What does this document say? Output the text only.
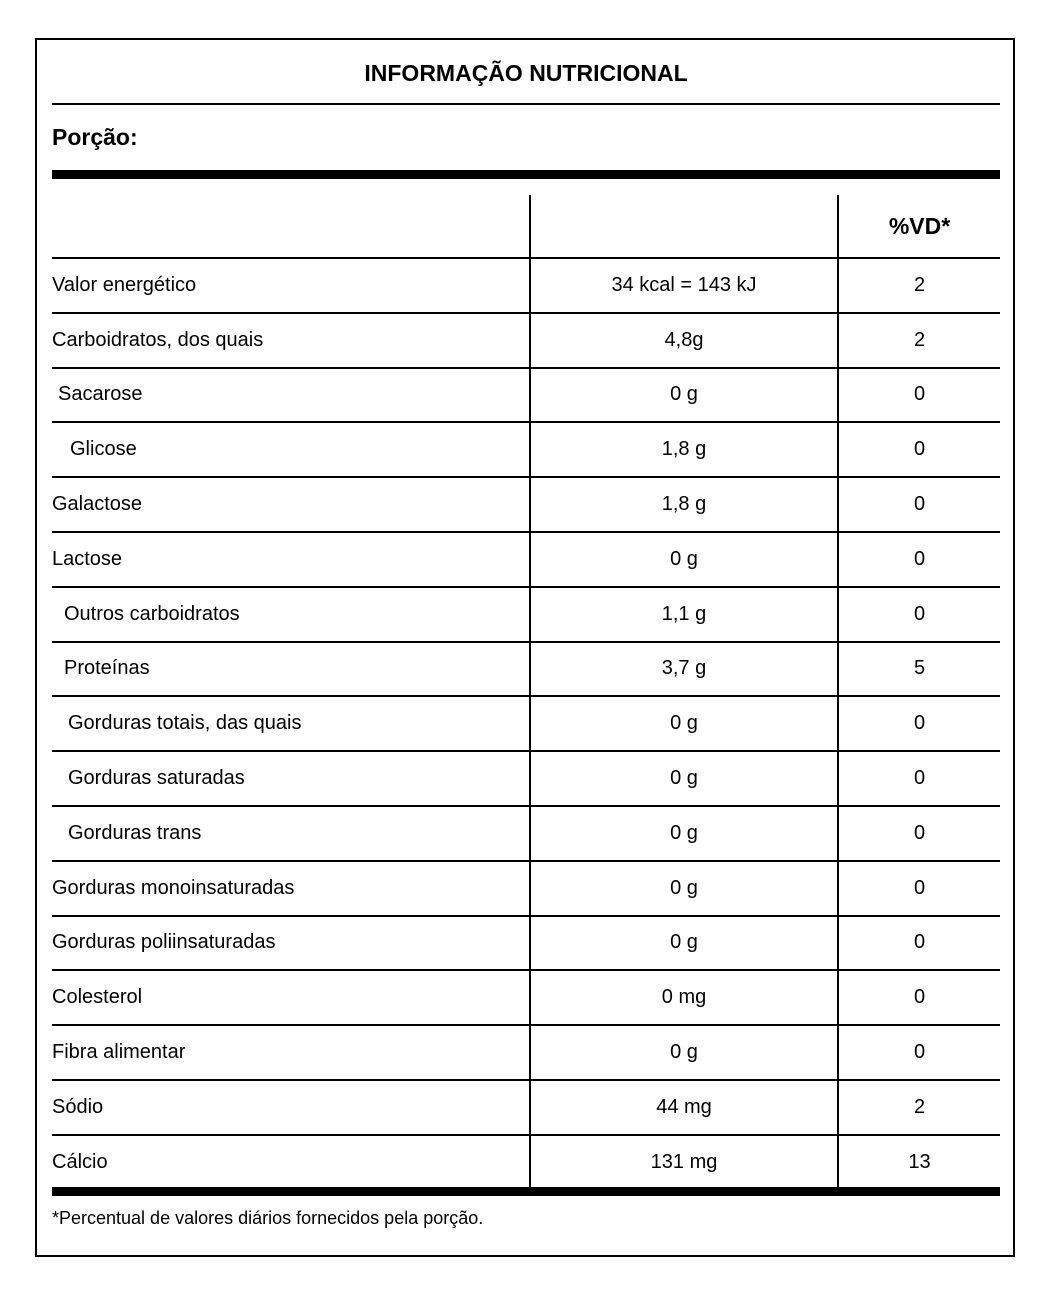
INFORMAÇÃO NUTRICIONAL
Porção:
%VD*
Valor energético	34 kcal = 143 kJ	2
Carboidratos, dos quais	4,8g	2
Sacarose	0 g	0
Glicose	1,8 g	0
Galactose	1,8 g	0
Lactose	0 g	0
Outros carboidratos	1,1 g	0
Proteínas	3,7 g	5
Gorduras totais, das quais	0 g	0
Gorduras saturadas	0 g	0
Gorduras trans	0 g	0
Gorduras monoinsaturadas	0 g	0
Gorduras poliinsaturadas	0 g	0
Colesterol	0 mg	0
Fibra alimentar	0 g	0
Sódio	44 mg	2
Cálcio	131 mg	13
*Percentual de valores diários fornecidos pela porção.
